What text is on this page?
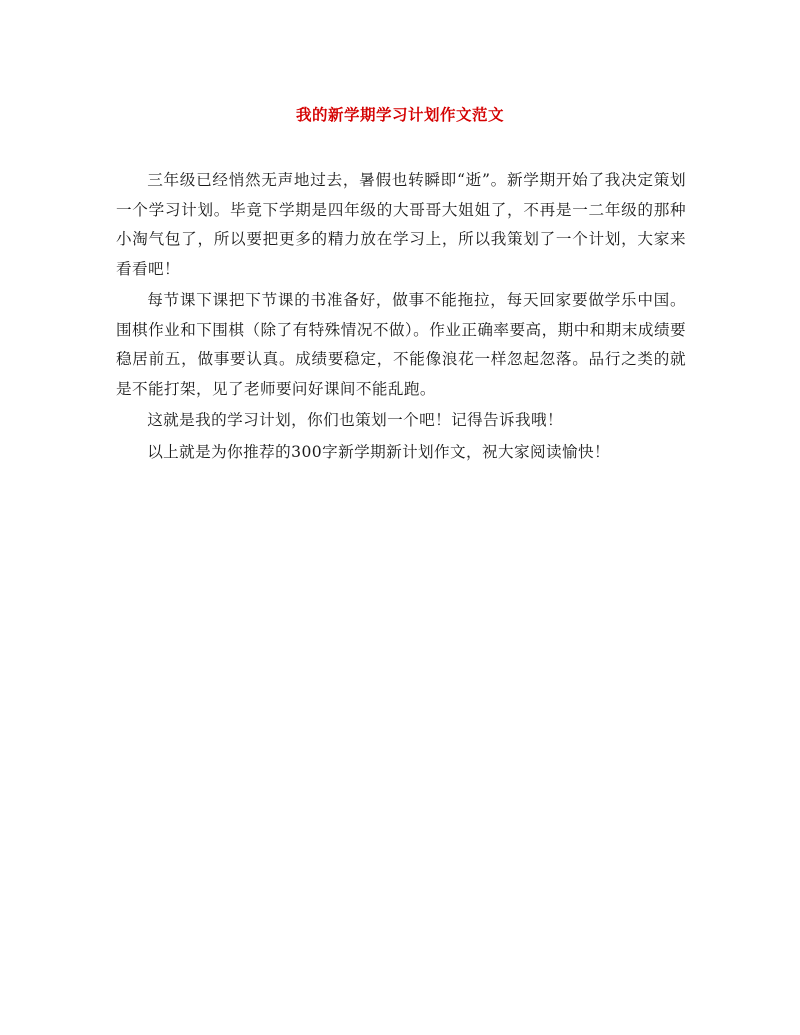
我的新学期学习计划作文范文

三年级已经悄然无声地过去，暑假也转瞬即“逝”。新学期开始了我决定策划一个学习计划。毕竟下学期是四年级的大哥哥大姐姐了，不再是一二年级的那种小淘气包了，所以要把更多的精力放在学习上，所以我策划了一个计划，大家来看看吧！

每节课下课把下节课的书准备好，做事不能拖拉，每天回家要做学乐中国。围棋作业和下围棋（除了有特殊情况不做）。作业正确率要高，期中和期末成绩要稳居前五，做事要认真。成绩要稳定，不能像浪花一样忽起忽落。品行之类的就是不能打架，见了老师要问好课间不能乱跑。

这就是我的学习计划，你们也策划一个吧！记得告诉我哦！

以上就是为你推荐的300字新学期新计划作文，祝大家阅读愉快！
